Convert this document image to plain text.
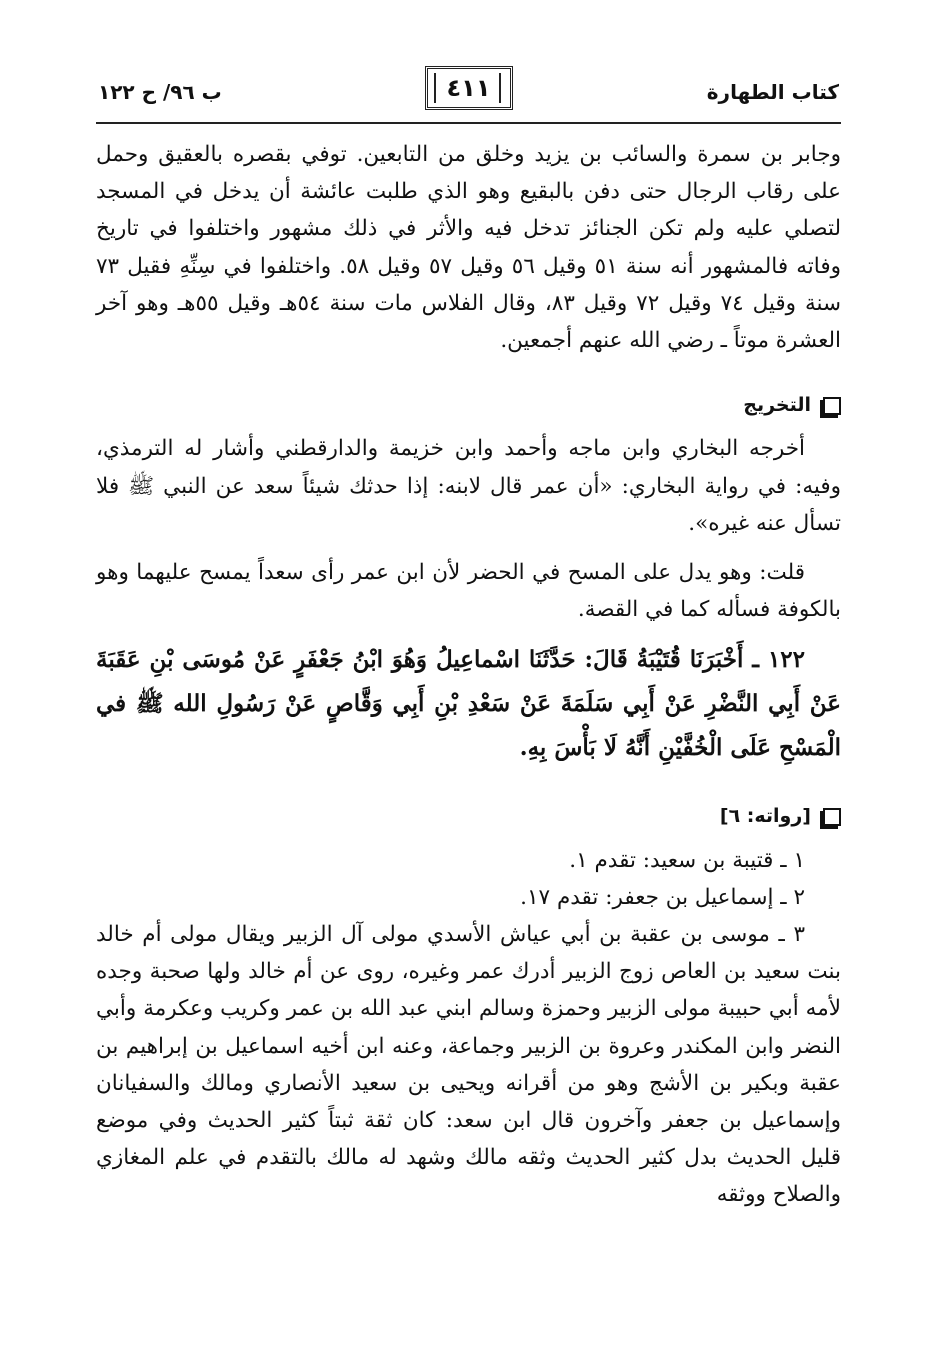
كتاب الطهارة
٤١١
ب ٩٦/ ح ١٢٢

وجابر بن سمرة والسائب بن يزيد وخلق من التابعين. توفي بقصره بالعقيق وحمل على رقاب الرجال حتى دفن بالبقيع وهو الذي طلبت عائشة أن يدخل في المسجد لتصلي عليه ولم تكن الجنائز تدخل فيه والأثر في ذلك مشهور واختلفوا في تاريخ وفاته فالمشهور أنه سنة ٥١ وقيل ٥٦ وقيل ٥٧ وقيل ٥٨. واختلفوا في سِنِّهِ فقيل ٧٣ سنة وقيل ٧٤ وقيل ٧٢ وقيل ٨٣، وقال الفلاس مات سنة ٥٤هـ وقيل ٥٥هـ وهو آخر العشرة موتاً ـ رضي الله عنهم أجمعين.

التخريج

أخرجه البخاري وابن ماجه وأحمد وابن خزيمة والدارقطني وأشار له الترمذي، وفيه: في رواية البخاري: «أن عمر قال لابنه: إذا حدثك شيئاً سعد عن النبي ﷺ فلا تسأل عنه غيره».

قلت: وهو يدل على المسح في الحضر لأن ابن عمر رأى سعداً يمسح عليهما وهو بالكوفة فسأله كما في القصة.

١٢٢ ـ أَخْبَرَنَا قُتَيْبَةُ قَالَ: حَدَّثَنَا اسْماعِيلُ وَهُوَ ابْنُ جَعْفَرٍ عَنْ مُوسَى بْنِ عَقَبَةَ عَنْ أَبِي النَّضْرِ عَنْ أَبِي سَلَمَةَ عَنْ سَعْدِ بْنِ أَبِي وَقَّاصٍ عَنْ رَسُولِ الله ﷺ في الْمَسْحِ عَلَى الْخُفَّيْنِ أَنَّهُ لَا بَأْسَ بِهِ.

[رواته: ٦]

١ ـ قتيبة بن سعيد: تقدم ١.

٢ ـ إسماعيل بن جعفر: تقدم ١٧.

٣ ـ موسى بن عقبة بن أبي عياش الأسدي مولى آل الزبير ويقال مولى أم خالد بنت سعيد بن العاص زوج الزبير أدرك عمر وغيره، روى عن أم خالد ولها صحبة وجده لأمه أبي حبيبة مولى الزبير وحمزة وسالم ابني عبد الله بن عمر وكريب وعكرمة وأبي النضر وابن المكندر وعروة بن الزبير وجماعة، وعنه ابن أخيه اسماعيل بن إبراهيم بن عقبة وبكير بن الأشج وهو من أقرانه ويحيى بن سعيد الأنصاري ومالك والسفيانان وإسماعيل بن جعفر وآخرون قال ابن سعد: كان ثقة ثبتاً كثير الحديث وفي موضع قليل الحديث بدل كثير الحديث وثقه مالك وشهد له مالك بالتقدم في علم المغازي والصلاح ووثقه
